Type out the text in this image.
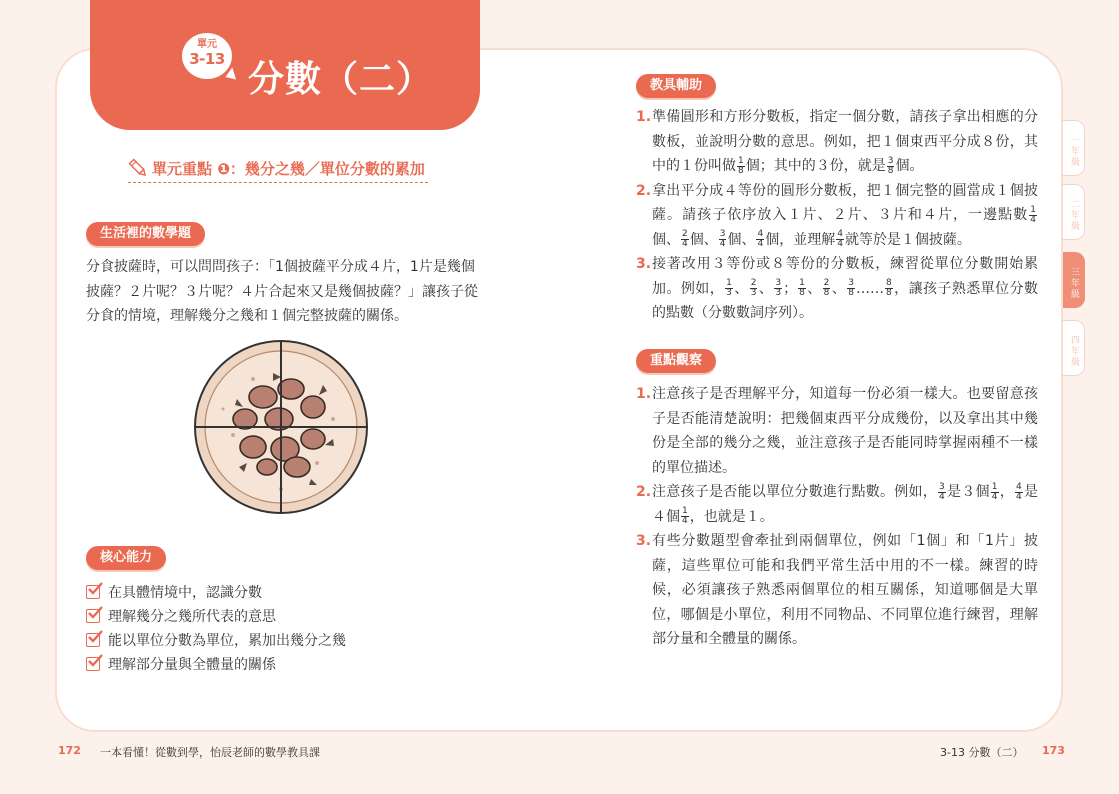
單元
3-13 分數（二）
單元重點 ❶：幾分之幾／單位分數的累加
生活裡的數學題
分食披薩時，可以問問孩子：「1個披薩平分成４片，1片是幾個披薩？２片呢？３片呢？４片合起來又是幾個披薩？」讓孩子從分食的情境，理解幾分之幾和１個完整披薩的關係。
核心能力
在具體情境中，認識分數
理解幾分之幾所代表的意思
能以單位分數為單位，累加出幾分之幾
理解部分量與全體量的關係
教具輔助
1. 準備圓形和方形分數板，指定一個分數，請孩子拿出相應的分數板，並說明分數的意思。例如，把１個東西平分成８份，其中的１份叫做 $\frac{1}{8}$ 個；其中的３份，就是 $\frac{3}{8}$ 個。
2. 拿出平分成４等份的圓形分數板，把１個完整的圓當成１個披薩。請孩子依序放入１片、２片、３片和４片，一邊點數 $\frac{1}{4}$
個、 $\frac{2}{4}$ 個、 $\frac{3}{4}$ 個、 $\frac{4}{4}$ 個，並理解 $\frac{4}{4}$ 就等於是１個披薩。
3. 接著改用３等份或８等份的分數板，練習從單位分數開始累加。例如， $\frac{1}{3}$ 、 $\frac{2}{3}$ 、 $\frac{3}{3}$ ； $\frac{1}{8}$ 、 $\frac{2}{8}$ 、 $\frac{3}{8}$ …… $\frac{8}{8}$ ，讓孩子熟悉單位分數的點數（分數數詞序列）。
重點觀察
1. 注意孩子是否理解平分，知道每一份必須一樣大。也要留意孩子是否能清楚說明：把幾個東西平分成幾份，以及拿出其中幾份是全部的幾分之幾，並注意孩子是否能同時掌握兩種不一樣的單位描述。
2. 注意孩子是否能以單位分數進行點數。例如， $\frac{3}{4}$ 是３個 $\frac{1}{4}$ ， $\frac{4}{4}$ 是４個 $\frac{1}{4}$ ，也就是１。
3. 有些分數題型會牽扯到兩個單位，例如「1個」和「1片」披薩，這些單位可能和我們平常生活中用的不一樣。練習的時候，必須讓孩子熟悉兩個單位的相互關係，知道哪個是大單位，哪個是小單位，利用不同物品、不同單位進行練習，理解部分量和全體量的關係。
一年級
二年級
三年級
四年級
172 一本看懂！從數到學，怡辰老師的數學教具課	3-13 分數（二） 173
